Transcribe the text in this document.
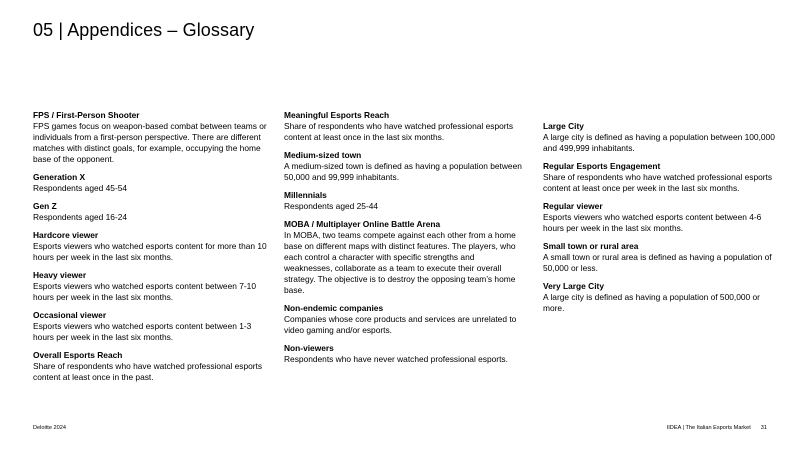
05 | Appendices – Glossary
FPS / First-Person Shooter
FPS games focus on weapon-based combat between teams or individuals from a first-person perspective. There are different matches with distinct goals, for example, occupying the home base of the opponent.
Generation X
Respondents aged 45-54
Gen Z
Respondents aged 16-24
Hardcore viewer
Esports viewers who watched esports content for more than 10 hours per week in the last six months.
Heavy viewer
Esports viewers who watched esports content between 7-10 hours per week in the last six months.
Occasional viewer
Esports viewers who watched esports content between 1-3 hours per week in the last six months.
Overall Esports Reach
Share of respondents who have watched professional esports content at least once in the past.
Meaningful Esports Reach
Share of respondents who have watched professional esports content at least once in the last six months.
Medium-sized town
A medium-sized town is defined as having a population between 50,000 and 99,999 inhabitants.
Millennials
Respondents aged 25-44
MOBA / Multiplayer Online Battle Arena
In MOBA, two teams compete against each other from a home base on different maps with distinct features. The players, who each control a character with specific strengths and weaknesses, collaborate as a team to execute their overall strategy. The objective is to destroy the opposing team’s home base.
Non-endemic companies
Companies whose core products and services are unrelated to video gaming and/or esports.
Non-viewers
Respondents who have never watched professional esports.
Large City
A large city is defined as having a population between 100,000 and 499,999 inhabitants.
Regular Esports Engagement
Share of respondents who have watched professional esports content at least once per week in the last six months.
Regular viewer
Esports viewers who watched esports content between 4-6 hours per week in the last six months.
Small town or rural area
A small town or rural area is defined as having a population of 50,000 or less.
Very Large City
A large city is defined as having a population of 500,000 or more.
Deloitte 2024	IIDEA | The Italian Esports Market 31
